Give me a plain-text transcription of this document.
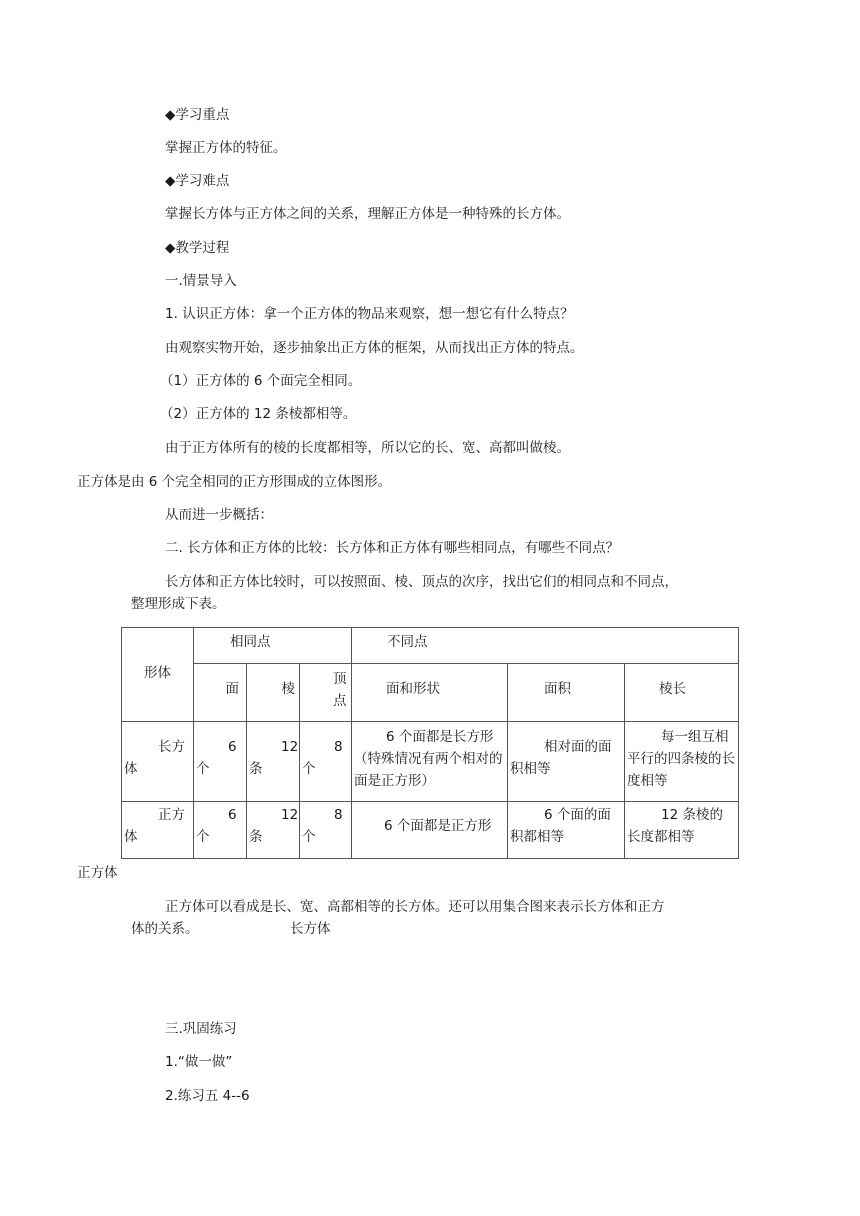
◆学习重点
掌握正方体的特征。
◆学习难点
掌握长方体与正方体之间的关系，理解正方体是一种特殊的长方体。
◆教学过程
一.情景导入
1. 认识正方体：拿一个正方体的物品来观察，想一想它有什么特点？
由观察实物开始，逐步抽象出正方体的框架，从而找出正方体的特点。
（1）正方体的 6 个面完全相同。
（2）正方体的 12 条棱都相等。
由于正方体所有的棱的长度都相等，所以它的长、宽、高都叫做棱。
正方体是由 6 个完全相同的正方形围成的立体图形。
从而进一步概括：
二. 长方体和正方体的比较：长方体和正方体有哪些相同点，有哪些不同点？
长方体和正方体比较时，可以按照面、棱、顶点的次序，找出它们的相同点和不同点，
整理形成下表。
形体	相同点			不同点		

	面	棱	顶点	面和形状	面积	棱长

长方体	6个	12条	8个	6 个面都是长方形（特殊情况有两个相对的面是正方形）	相对面的面积相等	每一组互相平行的四条棱的长度相等

正方体	6个	12条	8个	6 个面都是正方形	6 个面的面积都相等	12 条棱的长度都相等
正方体
正方体可以看成是长、宽、高都相等的长方体。还可以用集合图来表示长方体和正方
体的关系。	长方体
三.巩固练习
1.“做一做”
2.练习五 4--6
